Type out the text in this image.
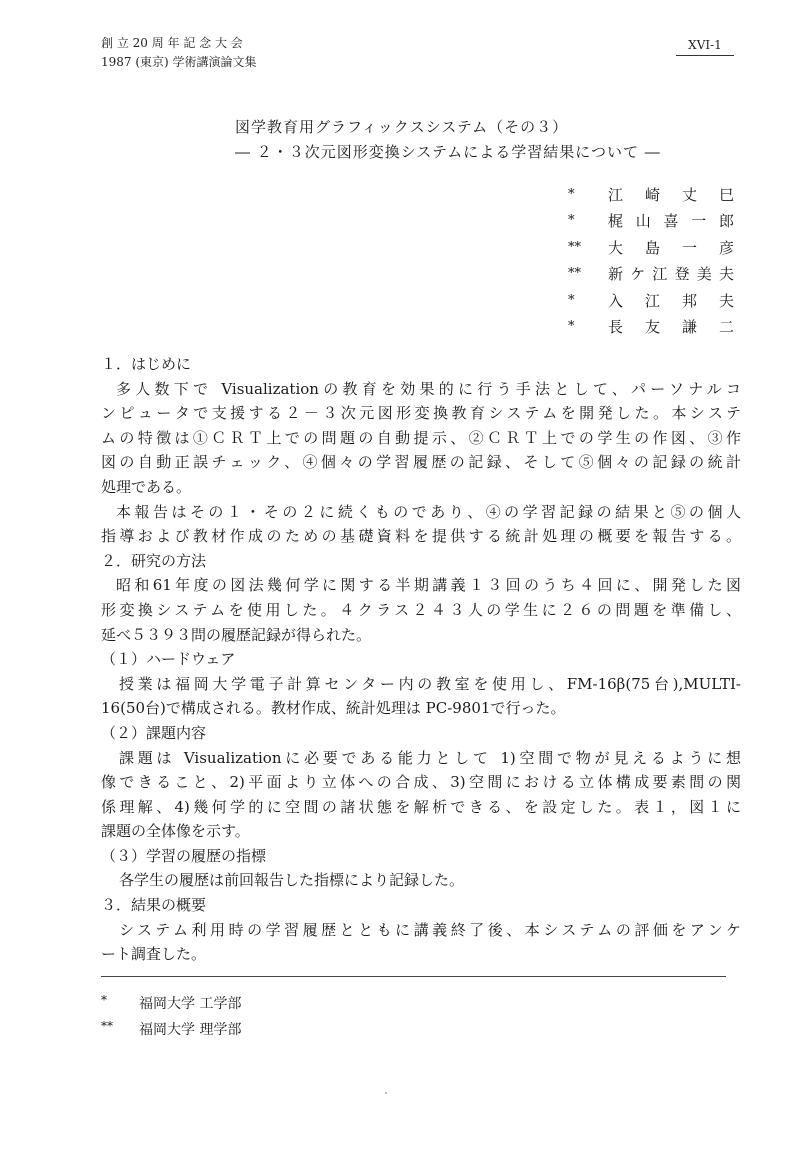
創 立 20 周 年 記 念 大 会
1987 (東京) 学術講演論文集
XVI-1
図学教育用グラフィックスシステム（その３）
― ２・３次元図形変換システムによる学習結果について ―
*	江 崎 丈 巳
*	梶 山 喜 一 郎
**	大 島 一 彦
**	新 ケ 江 登 美 夫
*	入 江 邦 夫
*	長 友 謙 二
１．はじめに
多人数下で Visualizationの教育を効果的に行う手法として、パーソナルコ
ンピュータで支援する２－３次元図形変換教育システムを開発した。本システ
ムの特徴は①ＣＲＴ上での問題の自動提示、②ＣＲＴ上での学生の作図、③作
図の自動正誤チェック、④個々の学習履歴の記録、そして⑤個々の記録の統計
処理である。
本報告はその１・その２に続くものであり、④の学習記録の結果と⑤の個人
指導および教材作成のための基礎資料を提供する統計処理の概要を報告する。
２．研究の方法
昭和61年度の図法幾何学に関する半期講義１３回のうち４回に、開発した図
形変換システムを使用した。４クラス２４３人の学生に２６の問題を準備し、
延べ５３９３問の履歴記録が得られた。
（１）ハードウェア
授業は福岡大学電子計算センター内の教室を使用し、FM-16β(75台),MULTI-
16(50台)で構成される。教材作成、統計処理は PC-9801で行った。
（２）課題内容
課題は Visualizationに必要である能力として 1)空間で物が見えるように想
像できること、2)平面より立体への合成、3)空間における立体構成要素間の関
係理解、4)幾何学的に空間の諸状態を解析できる、を設定した。表１，図１に
課題の全体像を示す。
（３）学習の履歴の指標
各学生の履歴は前回報告した指標により記録した。
３．結果の概要
システム利用時の学習履歴とともに講義終了後、本システムの評価をアンケ
ート調査した。
*	福岡大学 工学部
**	福岡大学 理学部
